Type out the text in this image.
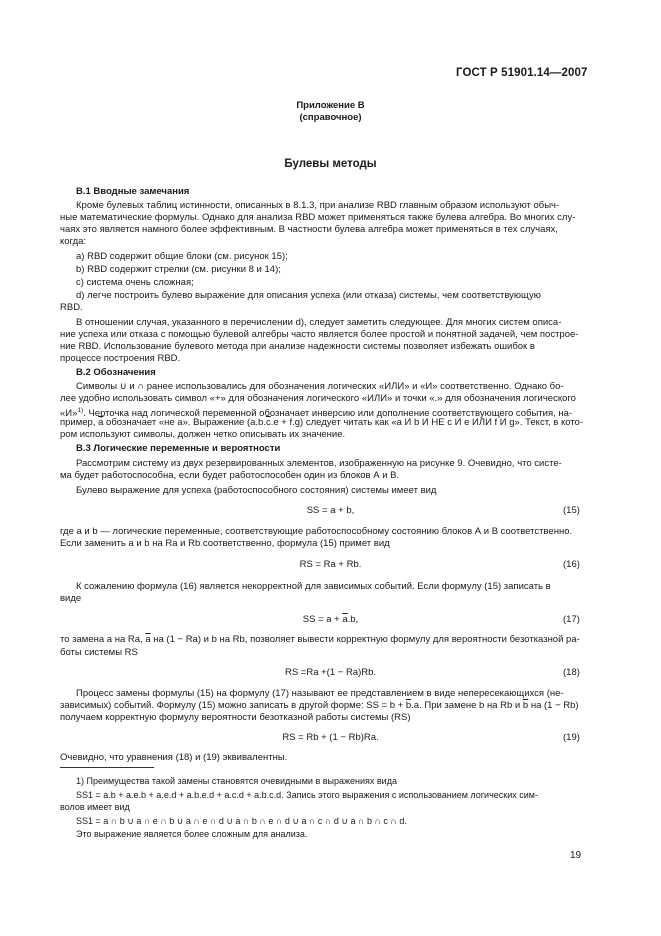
ГОСТ Р 51901.14—2007
Приложение В
(справочное)
Булевы методы
В.1 Вводные замечания
Кроме булевых таблиц истинности, описанных в 8.1.3, при анализе RBD главным образом используют обыч-
ные математические формулы. Однако для анализа RBD может применяться также булева алгебра. Во многих слу-
чаях это является намного более эффективным. В частности булева алгебра может применяться в тех случаях,
когда:
a) RBD содержит общие блоки (см. рисунок 15);
b) RBD содержит стрелки (см. рисунки 8 и 14);
c) система очень сложная;
d) легче построить булево выражение для описания успеха (или отказа) системы, чем соответствующую
RBD.
В отношении случая, указанного в перечислении d), следует заметить следующее. Для многих систем описа-
ние успеха или отказа с помощью булевой алгебры часто является более простой и понятной задачей, чем построе-
ние RBD. Использование булевого метода при анализе надежности системы позволяет избежать ошибок в
процессе построения RBD.
В.2 Обозначения
Символы ∪ и ∩ ранее использовались для обозначения логических «ИЛИ» и «И» соответственно. Однако бо-
лее удобно использовать символ «+» для обозначения логического «ИЛИ» и точки «.» для обозначения логического
«И»$^{1)}$. Черточка над логической переменной обозначает инверсию или дополнение соответствующего события, на-
пример, $\overline{a}$ обозначает «не a». Выражение $(a.b.\overline{c}.e + f.g)$ следует читать как «a И b И НЕ c И e ИЛИ f И g». Текст, в кото-
ром используют символы, должен четко описывать их значение.
В.3 Логические переменные и вероятности
Рассмотрим систему из двух резервированных элементов, изображенную на рисунке 9. Очевидно, что систе-
ма будет работоспособна, если будет работоспособен один из блоков А и В.
Булево выражение для успеха (работоспособного состояния) системы имеет вид
SS = a + b,	(15)
где a и b — логические переменные, соответствующие работоспособному состоянию блоков А и В соответственно.
Если заменить a и b на Ra и Rb соответственно, формула (15) примет вид
RS = Ra + Rb.	(16)
К сожалению формула (16) является некорректной для зависимых событий. Если формулу (15) записать в
виде
SS = $a + \overline{a}.b$,	(17)
то замена a на Ra, $\overline{a}$ на (1 − Ra) и b на Rb, позволяет вывести корректную формулу для вероятности безотказной ра-
боты системы RS
RS =Ra +(1 − Ra)Rb.	(18)
Процесс замены формулы (15) на формулу (17) называют ее представлением в виде непересекающихся (не-
зависимых) событий. Формулу (15) можно записать в другой форме: SS = $b + \overline{b}.a$. При замене b на Rb и $\overline{b}$ на (1 − Rb)
получаем корректную формулу вероятности безотказной работы системы (RS)
RS = Rb + (1 − Rb)Ra.	(19)
Очевидно, что уравнения (18) и (19) эквивалентны.
1) Преимущества такой замены становятся очевидными в выражениях вида
SS1 = a.b + a.e.b + a.e.d + a.b.e.d + a.c.d + a.b.c.d. Запись этого выражения с использованием логических сим-
волов имеет вид
SS1 = a ∩ b ∪ a ∩ e ∩ b ∪ a ∩ e ∩ d ∪ a ∩ b ∩ e ∩ d ∪ a ∩ c ∩ d ∪ a ∩ b ∩ c ∩ d.
Это выражение является более сложным для анализа.
19
